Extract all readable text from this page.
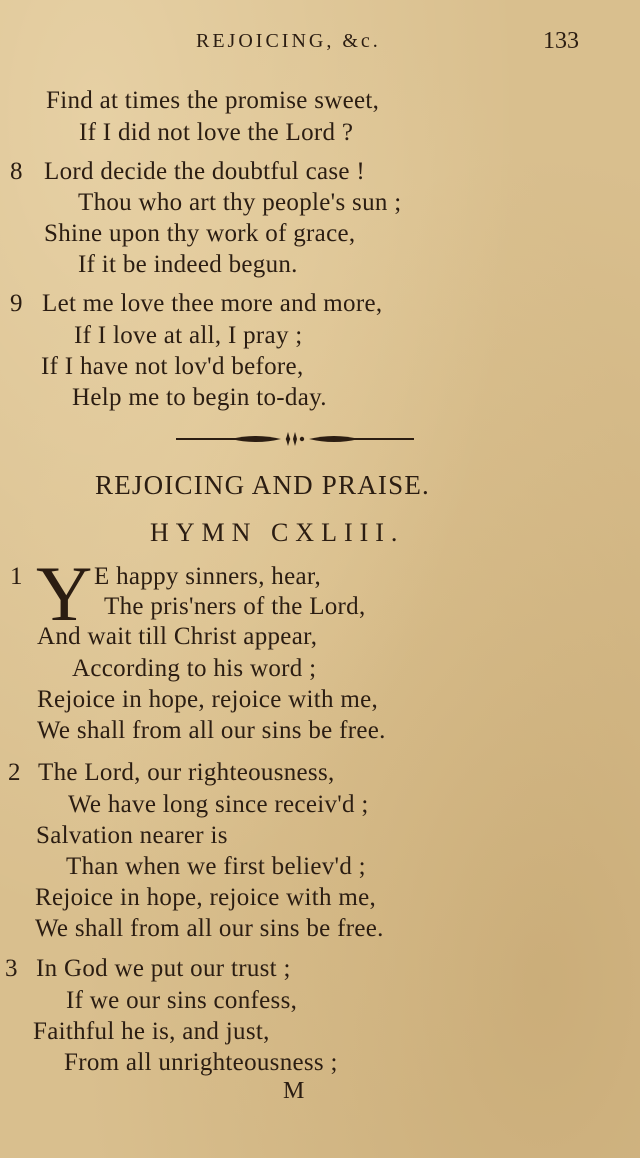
REJOICING, &c.	133
Find at times the promise sweet,
If I did not love the Lord ?
8 Lord decide the doubtful case !
Thou who art thy people's sun ;
Shine upon thy work of grace,
If it be indeed begun.
9 Let me love thee more and more,
If I love at all, I pray ;
If I have not lov'd before,
Help me to begin to-day.
REJOICING AND PRAISE.
HYMN CXLIII.
1 Y E happy sinners, hear,
The pris'ners of the Lord,
And wait till Christ appear,
According to his word ;
Rejoice in hope, rejoice with me,
We shall from all our sins be free.
2 The Lord, our righteousness,
We have long since receiv'd ;
Salvation nearer is
Than when we first believ'd ;
Rejoice in hope, rejoice with me,
We shall from all our sins be free.
3 In God we put our trust ;
If we our sins confess,
Faithful he is, and just,
From all unrighteousness ;
M
